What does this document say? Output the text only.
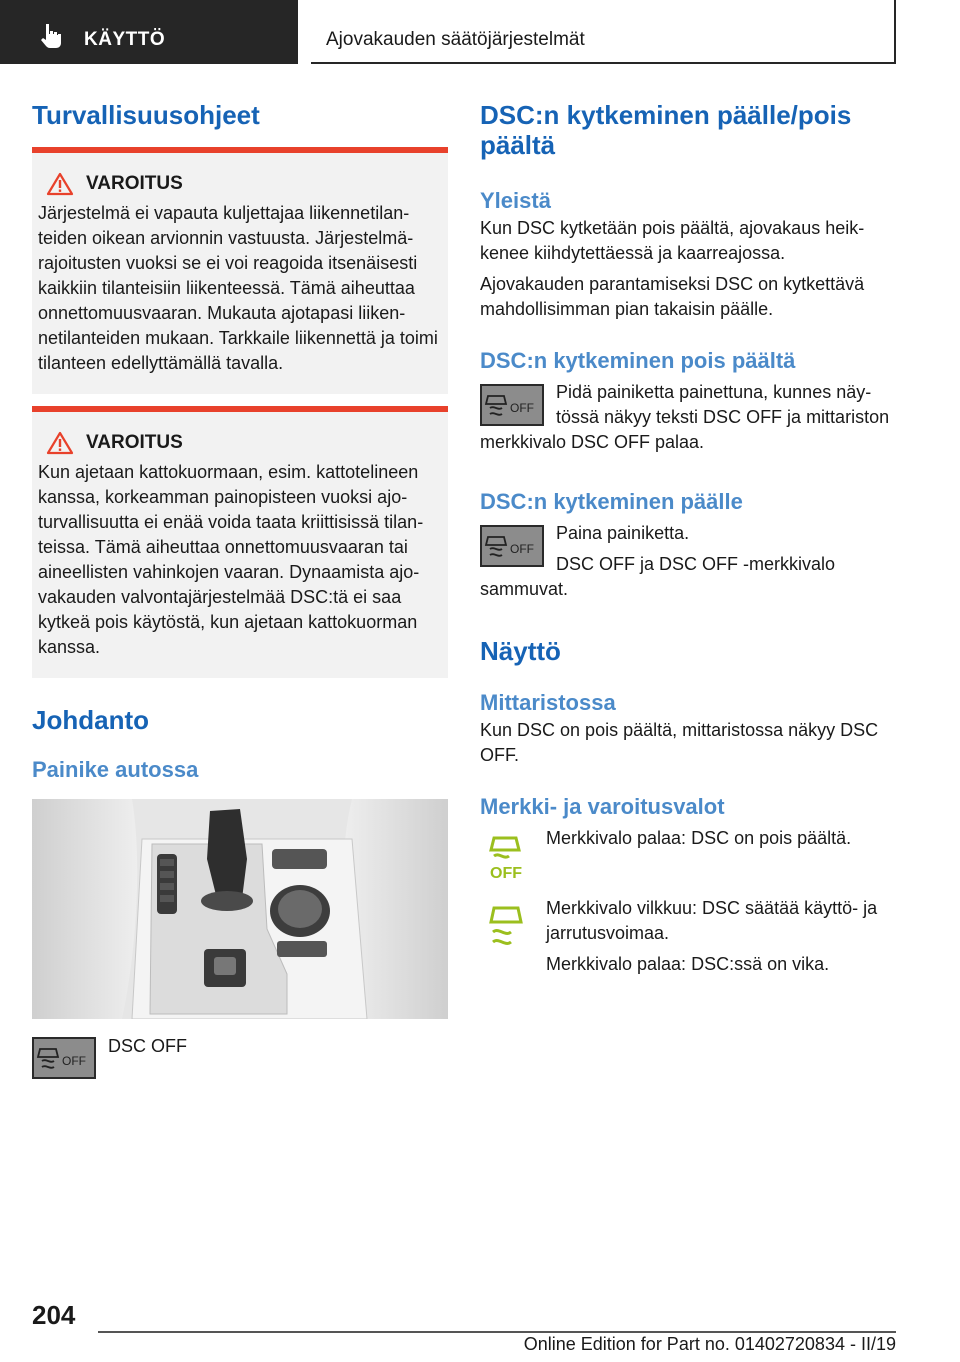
KÄYTTÖ	Ajovakauden säätöjärjestelmät
Turvallisuusohjeet
VAROITUS

Järjestelmä ei vapauta kuljettajaa liikennetilanteiden oikean arvionnin vastuusta. Järjestelmärajoitusten vuoksi se ei voi reagoida itsenäisesti kaikkiin tilanteisiin liikenteessä. Tämä aiheuttaa onnettomuusvaaran. Mukauta ajotapasi liikennetilanteiden mukaan. Tarkkaile liikennettä ja toimi tilanteen edellyttämällä tavalla.

VAROITUS

Kun ajetaan kattokuormaan, esim. kattotelineen kanssa, korkeamman painopisteen vuoksi ajoturvallisuutta ei enää voida taata kriittisissä tilanteissa. Tämä aiheuttaa onnettomuusvaaran tai aineellisten vahinkojen vaaran. Dynaamista ajovakauden valvontajärjestelmää DSC:tä ei saa kytkeä pois käytöstä, kun ajetaan kattokuorman kanssa.

Johdanto
Painike autossa
OFF

DSC OFF

DSC:n kytkeminen päälle/pois päältä
Yleistä

Kun DSC kytketään pois päältä, ajovakaus heikkenee kiihdytettäessä ja kaarreajossa.

Ajovakauden parantamiseksi DSC on kytkettävä mahdollisimman pian takaisin päälle.

DSC:n kytkeminen pois päältä
OFF

Pidä painiketta painettuna, kunnes näytössä näkyy teksti DSC OFF ja mittariston merkkivalo DSC OFF palaa.

DSC:n kytkeminen päälle
OFF

Paina painiketta.

DSC OFF ja DSC OFF -merkkivalo sammuvat.

Näyttö
Mittaristossa

Kun DSC on pois päältä, mittaristossa näkyy DSC OFF.

Merkki- ja varoitusvalot
OFF

Merkkivalo palaa: DSC on pois päältä.

Merkkivalo vilkkuu: DSC säätää käyttö- ja jarrutusvoimaa.

Merkkivalo palaa: DSC:ssä on vika.

204
Online Edition for Part no. 01402720834 - II/19
